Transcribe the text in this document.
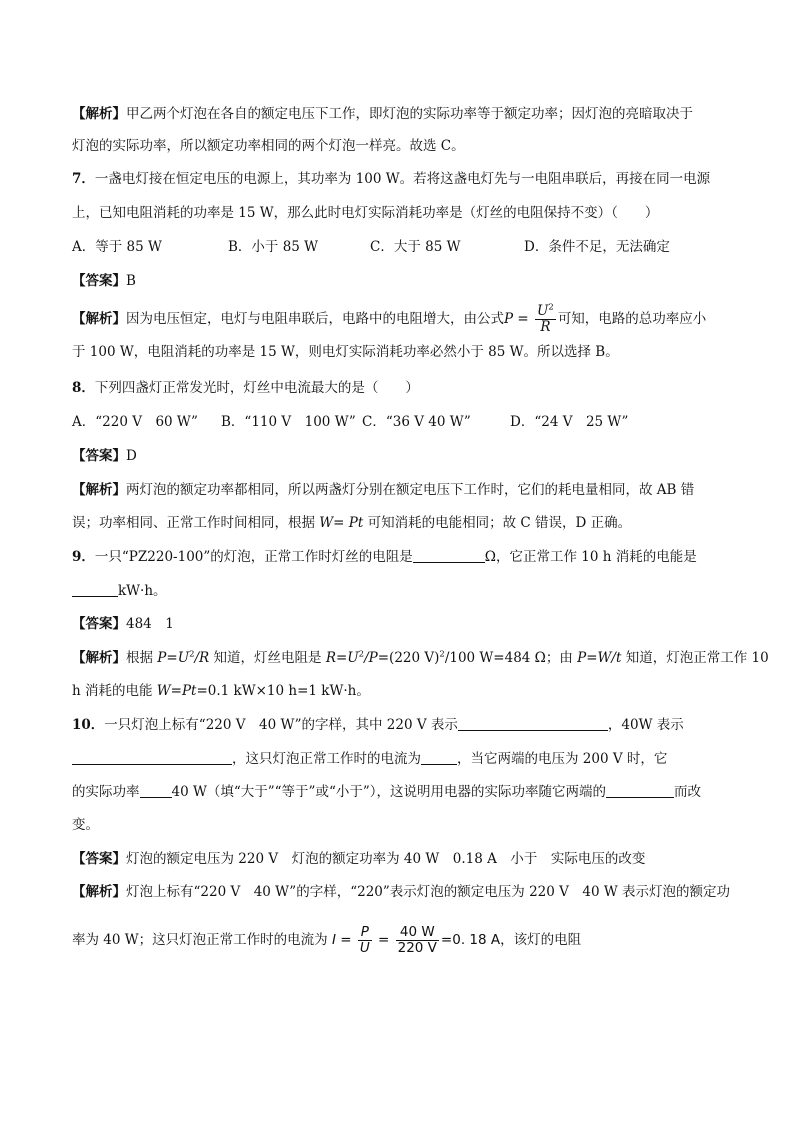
【解析】甲乙两个灯泡在各自的额定电压下工作，即灯泡的实际功率等于额定功率；因灯泡的亮暗取决于
灯泡的实际功率，所以额定功率相同的两个灯泡一样亮。故选 C。
7．一盏电灯接在恒定电压的电源上，其功率为 100 W。若将这盏电灯先与一电阻串联后，再接在同一电源
上，已知电阻消耗的功率是 15 W，那么此时电灯实际消耗功率是（灯丝的电阻保持不变）（　　）
A．等于 85 W	B．小于 85 W	C．大于 85 W	D．条件不足，无法确定
【答案】B
【解析】因为电压恒定，电灯与电阻串联后，电路中的电阻增大，由公式$P = \frac{U^2}{R}$ 可知，电路的总功率应小
于 100 W，电阻消耗的功率是 15 W，则电灯实际消耗功率必然小于 85 W。所以选择 B。
8．下列四盏灯正常发光时，灯丝中电流最大的是（　　）
A．“220 V　60 W” B．“110 V　100 W” C．“36 V 40 W”	D．“24 V　25 W”
【答案】D
【解析】两灯泡的额定功率都相同，所以两盏灯分别在额定电压下工作时，它们的耗电量相同，故 AB 错
误；功率相同、正常工作时间相同，根据 W= Pt 可知消耗的电能相同；故 C 错误，D 正确。
9．一只“PZ220-100”的灯泡，正常工作时灯丝的电阻是	Ω，它正常工作 10 h 消耗的电能是
kW·h。
【答案】484　1
【解析】根据 $P=U^2/R$ 知道，灯丝电阻是 $R=U^2/P=(220$ V)$^2$/100 W=484 Ω；由 P=W/t 知道，灯泡正常工作 10
h 消耗的电能 W=Pt=0.1 kW×10 h=1 kW·h。
10．一只灯泡上标有“220 V　40 W”的字样，其中 220 V 表示	，40W 表示
，这只灯泡正常工作时的电流为	，当它两端的电压为 200 V 时，它
的实际功率 40 W（填“大于”“等于”或“小于”），这说明用电器的实际功率随它两端的	而改
变。
【答案】灯泡的额定电压为 220 V　灯泡的额定功率为 40 W　0.18 A　小于　实际电压的改变
【解析】灯泡上标有“220 V　40 W”的字样，“220”表示灯泡的额定电压为 220 V　40 W 表示灯泡的额定功
率为 40 W；这只灯泡正常工作时的电流为 $I = \frac{P}{U} = \frac{40 W}{220 V} =0$. 18 A，该灯的电阻
